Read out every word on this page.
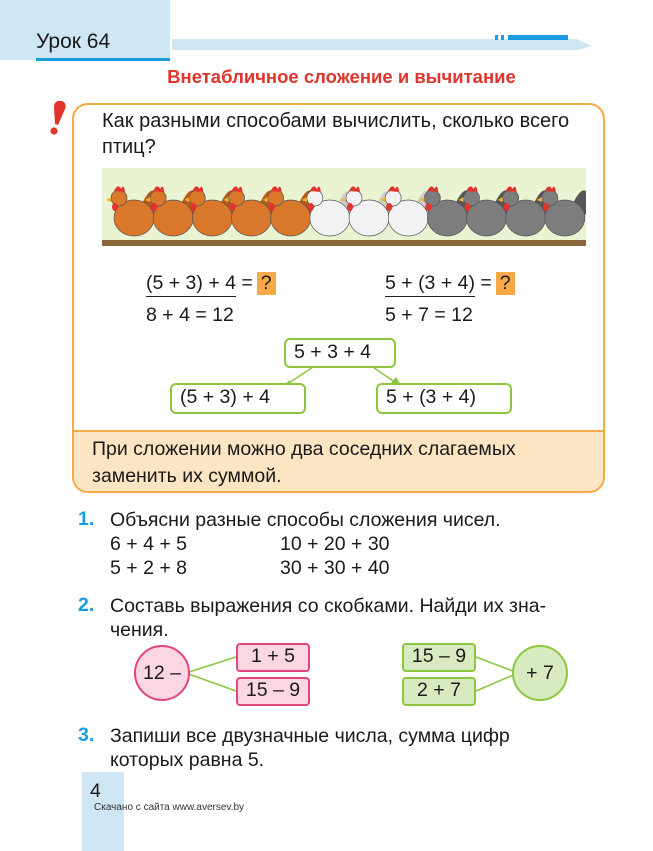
Урок 64
Внетабличное сложение и вычитание
Как разными способами вычислить, сколько всего птиц?
(5 + 3) + 4 = ?
8 + 4 = 12
5 + (3 + 4) = ?
5 + 7 = 12
5 + 3 + 4
(5 + 3) + 4	5 + (3 + 4)
При сложении можно два соседних слагаемых заменить их суммой.
1. Объясни разные способы сложения чисел.
6 + 4 + 5	10 + 20 + 30
5 + 2 + 8	30 + 30 + 40
2. Составь выражения со скобками. Найди их зна-
чения.
12 –
1 + 5
15 – 9
15 – 9
2 + 7
+ 7
3. Запиши все двузначные числа, сумма цифр
которых равна 5.
4
Скачано с сайта www.aversev.by
